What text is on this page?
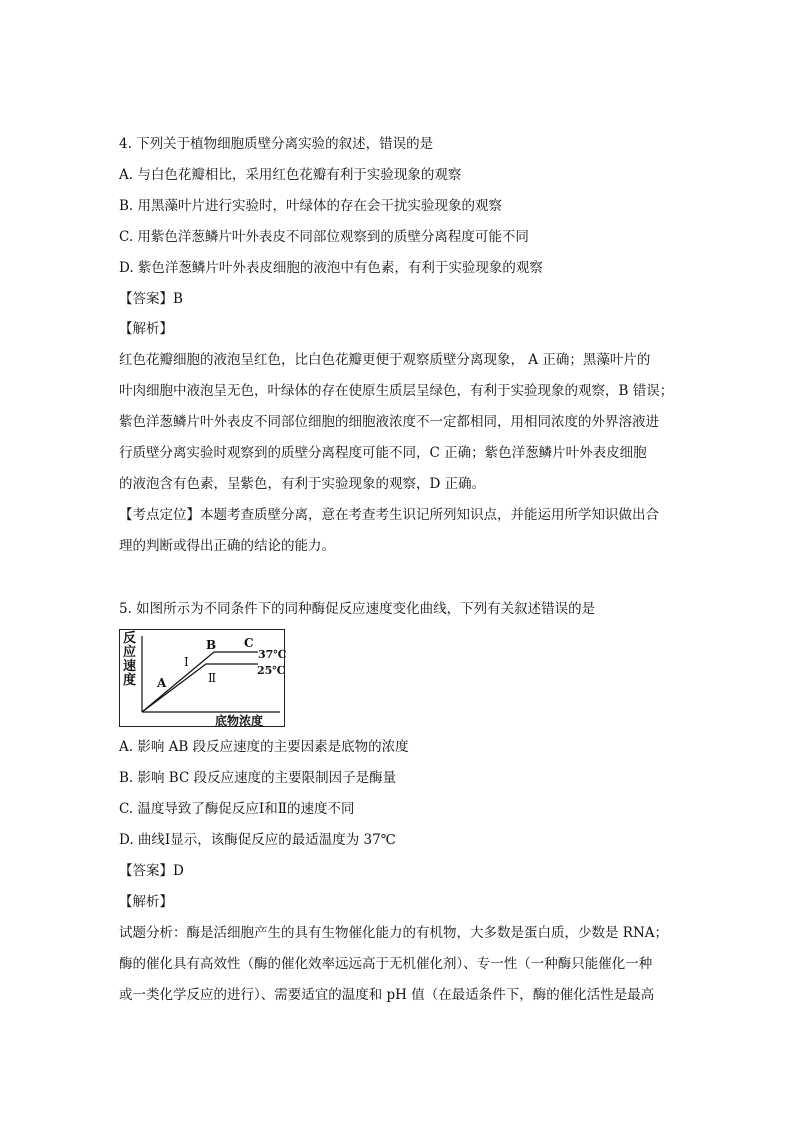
4. 下列关于植物细胞质壁分离实验的叙述，错误的是
A. 与白色花瓣相比，采用红色花瓣有利于实验现象的观察
B. 用黑藻叶片进行实验时，叶绿体的存在会干扰实验现象的观察
C. 用紫色洋葱鳞片叶外表皮不同部位观察到的质壁分离程度可能不同
D. 紫色洋葱鳞片叶外表皮细胞的液泡中有色素，有利于实验现象的观察
【答案】B
【解析】
红色花瓣细胞的液泡呈红色，比白色花瓣更便于观察质壁分离现象， A 正确；黑藻叶片的
叶肉细胞中液泡呈无色，叶绿体的存在使原生质层呈绿色，有利于实验现象的观察，B 错误；
紫色洋葱鳞片叶外表皮不同部位细胞的细胞液浓度不一定都相同，用相同浓度的外界溶液进
行质壁分离实验时观察到的质壁分离程度可能不同，C 正确；紫色洋葱鳞片叶外表皮细胞
的液泡含有色素，呈紫色，有利于实验现象的观察，D 正确。
【考点定位】本题考查质壁分离，意在考查考生识记所列知识点，并能运用所学知识做出合
理的判断或得出正确的结论的能力。
5. 如图所示为不同条件下的同种酶促反应速度变化曲线，下列有关叙述错误的是
反
应
速
度 A
B C
Ⅰ
Ⅱ
37℃
25℃
底物浓度
A. 影响 AB 段反应速度的主要因素是底物的浓度
B. 影响 BC 段反应速度的主要限制因子是酶量
C. 温度导致了酶促反应Ⅰ和Ⅱ的速度不同
D. 曲线Ⅰ显示，该酶促反应的最适温度为 37℃
【答案】D
【解析】
试题分析：酶是活细胞产生的具有生物催化能力的有机物，大多数是蛋白质，少数是 RNA；
酶的催化具有高效性（酶的催化效率远远高于无机催化剂）、专一性（一种酶只能催化一种
或一类化学反应的进行）、需要适宜的温度和 pH 值（在最适条件下，酶的催化活性是最高
